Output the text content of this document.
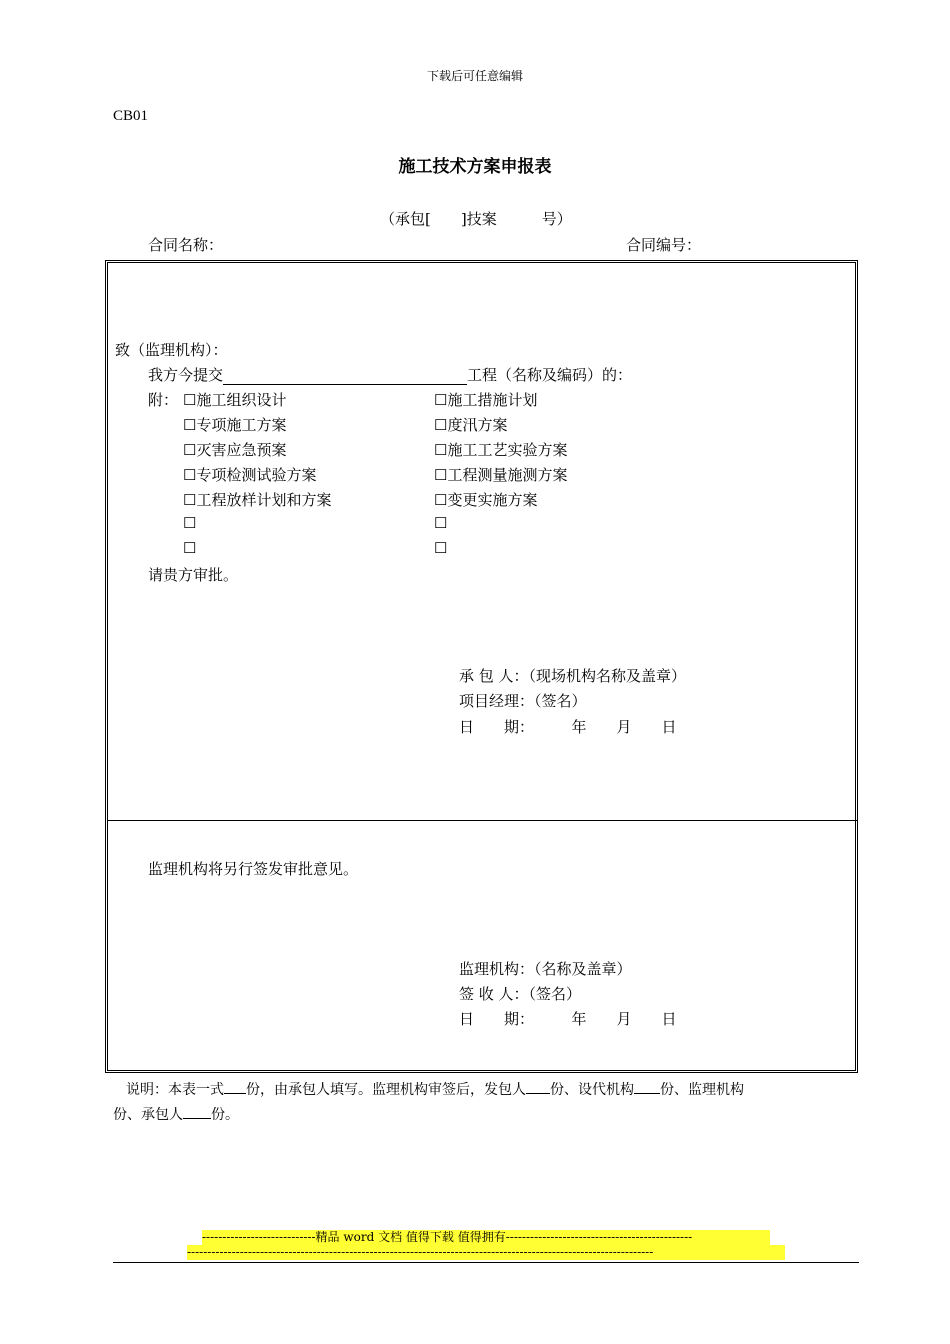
下载后可任意编辑
CB01
施工技术方案申报表
（承包[　　]技案　　　号）
合同名称：	合同编号：
致（监理机构）：
我方今提交	工程（名称及编码）的：
附： ☐施工组织设计
☐专项施工方案
☐灭害应急预案
☐专项检测试验方案
☐工程放样计划和方案
☐
☐
☐施工措施计划
☐度汛方案
☐施工工艺实验方案
☐工程测量施测方案
☐变更实施方案
☐
☐
请贵方审批。
承 包 人：（现场机构名称及盖章）
项目经理：（签名）
日　　期：　　　年　　月　　日
监理机构将另行签发审批意见。
监理机构：（名称及盖章）
签 收 人：（签名）
日　　期：　　　年　　月　　日
说明：本表一式 份，由承包人填写。监理机构审签后，发包人 份、设代机构 份、监理机构
份、承包人 份。
----------------------------精品 word 文档 值得下载 值得拥有----------------------------------------------
-------------------------------------------------------------------------------------------------------------------
